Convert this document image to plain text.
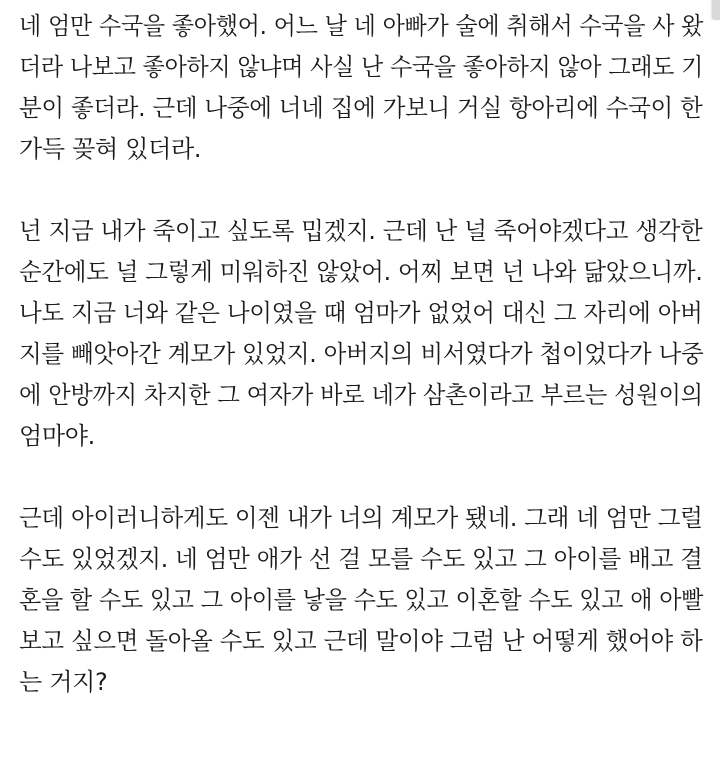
네 엄만 수국을 좋아했어. 어느 날 네 아빠가 술에 취해서 수국을 사 왔
더라 나보고 좋아하지 않냐며 사실 난 수국을 좋아하지 않아 그래도 기
분이 좋더라. 근데 나중에 너네 집에 가보니 거실 항아리에 수국이 한
가득 꽂혀 있더라.
넌 지금 내가 죽이고 싶도록 밉겠지. 근데 난 널 죽어야겠다고 생각한
순간에도 널 그렇게 미워하진 않았어. 어찌 보면 넌 나와 닮았으니까.
나도 지금 너와 같은 나이였을 때 엄마가 없었어 대신 그 자리에 아버
지를 빼앗아간 계모가 있었지. 아버지의 비서였다가 첩이었다가 나중
에 안방까지 차지한 그 여자가 바로 네가 삼촌이라고 부르는 성원이의
엄마야.
근데 아이러니하게도 이젠 내가 너의 계모가 됐네. 그래 네 엄만 그럴
수도 있었겠지. 네 엄만 애가 선 걸 모를 수도 있고 그 아이를 배고 결
혼을 할 수도 있고 그 아이를 낳을 수도 있고 이혼할 수도 있고 애 아빨
보고 싶으면 돌아올 수도 있고 근데 말이야 그럼 난 어떻게 했어야 하
는 거지?
